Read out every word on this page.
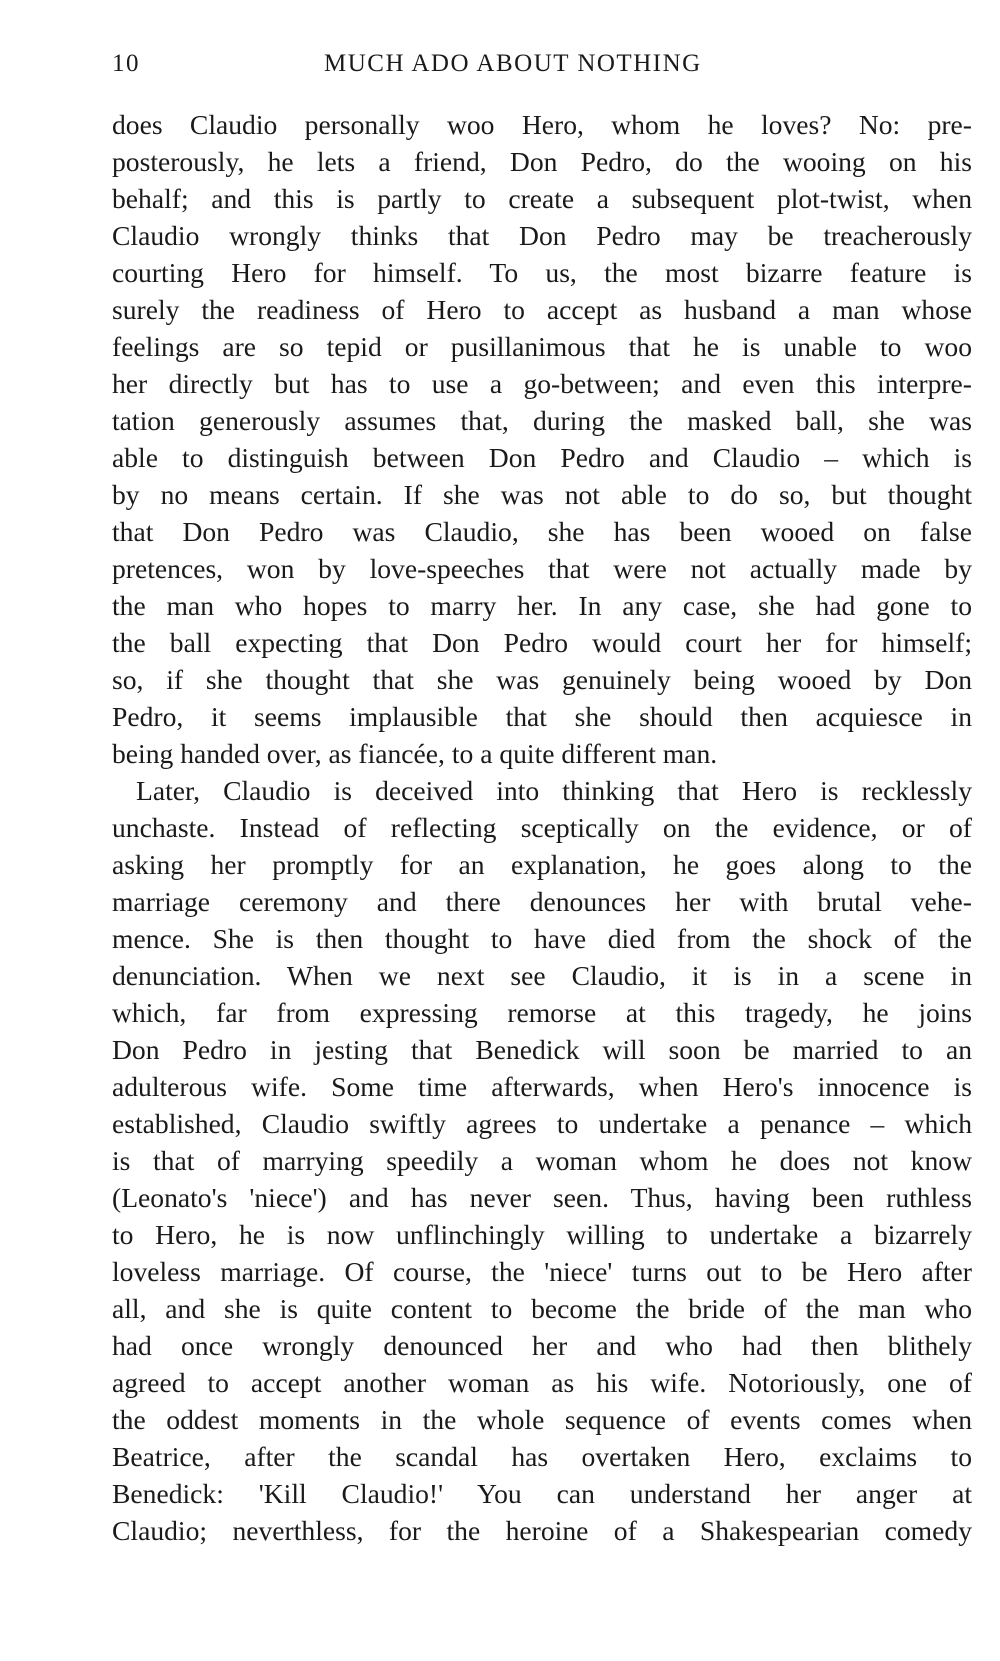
10	MUCH ADO ABOUT NOTHING
does Claudio personally woo Hero, whom he loves? No: pre-
posterously, he lets a friend, Don Pedro, do the wooing on his
behalf; and this is partly to create a subsequent plot-twist, when
Claudio wrongly thinks that Don Pedro may be treacherously
courting Hero for himself. To us, the most bizarre feature is
surely the readiness of Hero to accept as husband a man whose
feelings are so tepid or pusillanimous that he is unable to woo
her directly but has to use a go-between; and even this interpre-
tation generously assumes that, during the masked ball, she was
able to distinguish between Don Pedro and Claudio – which is
by no means certain. If she was not able to do so, but thought
that Don Pedro was Claudio, she has been wooed on false
pretences, won by love-speeches that were not actually made by
the man who hopes to marry her. In any case, she had gone to
the ball expecting that Don Pedro would court her for himself;
so, if she thought that she was genuinely being wooed by Don
Pedro, it seems implausible that she should then acquiesce in
being handed over, as fiancée, to a quite different man.
Later, Claudio is deceived into thinking that Hero is recklessly
unchaste. Instead of reflecting sceptically on the evidence, or of
asking her promptly for an explanation, he goes along to the
marriage ceremony and there denounces her with brutal vehe-
mence. She is then thought to have died from the shock of the
denunciation. When we next see Claudio, it is in a scene in
which, far from expressing remorse at this tragedy, he joins
Don Pedro in jesting that Benedick will soon be married to an
adulterous wife. Some time afterwards, when Hero's innocence is
established, Claudio swiftly agrees to undertake a penance – which
is that of marrying speedily a woman whom he does not know
(Leonato's 'niece') and has never seen. Thus, having been ruthless
to Hero, he is now unflinchingly willing to undertake a bizarrely
loveless marriage. Of course, the 'niece' turns out to be Hero after
all, and she is quite content to become the bride of the man who
had once wrongly denounced her and who had then blithely
agreed to accept another woman as his wife. Notoriously, one of
the oddest moments in the whole sequence of events comes when
Beatrice, after the scandal has overtaken Hero, exclaims to
Benedick: 'Kill Claudio!' You can understand her anger at
Claudio; neverthless, for the heroine of a Shakespearian comedy
